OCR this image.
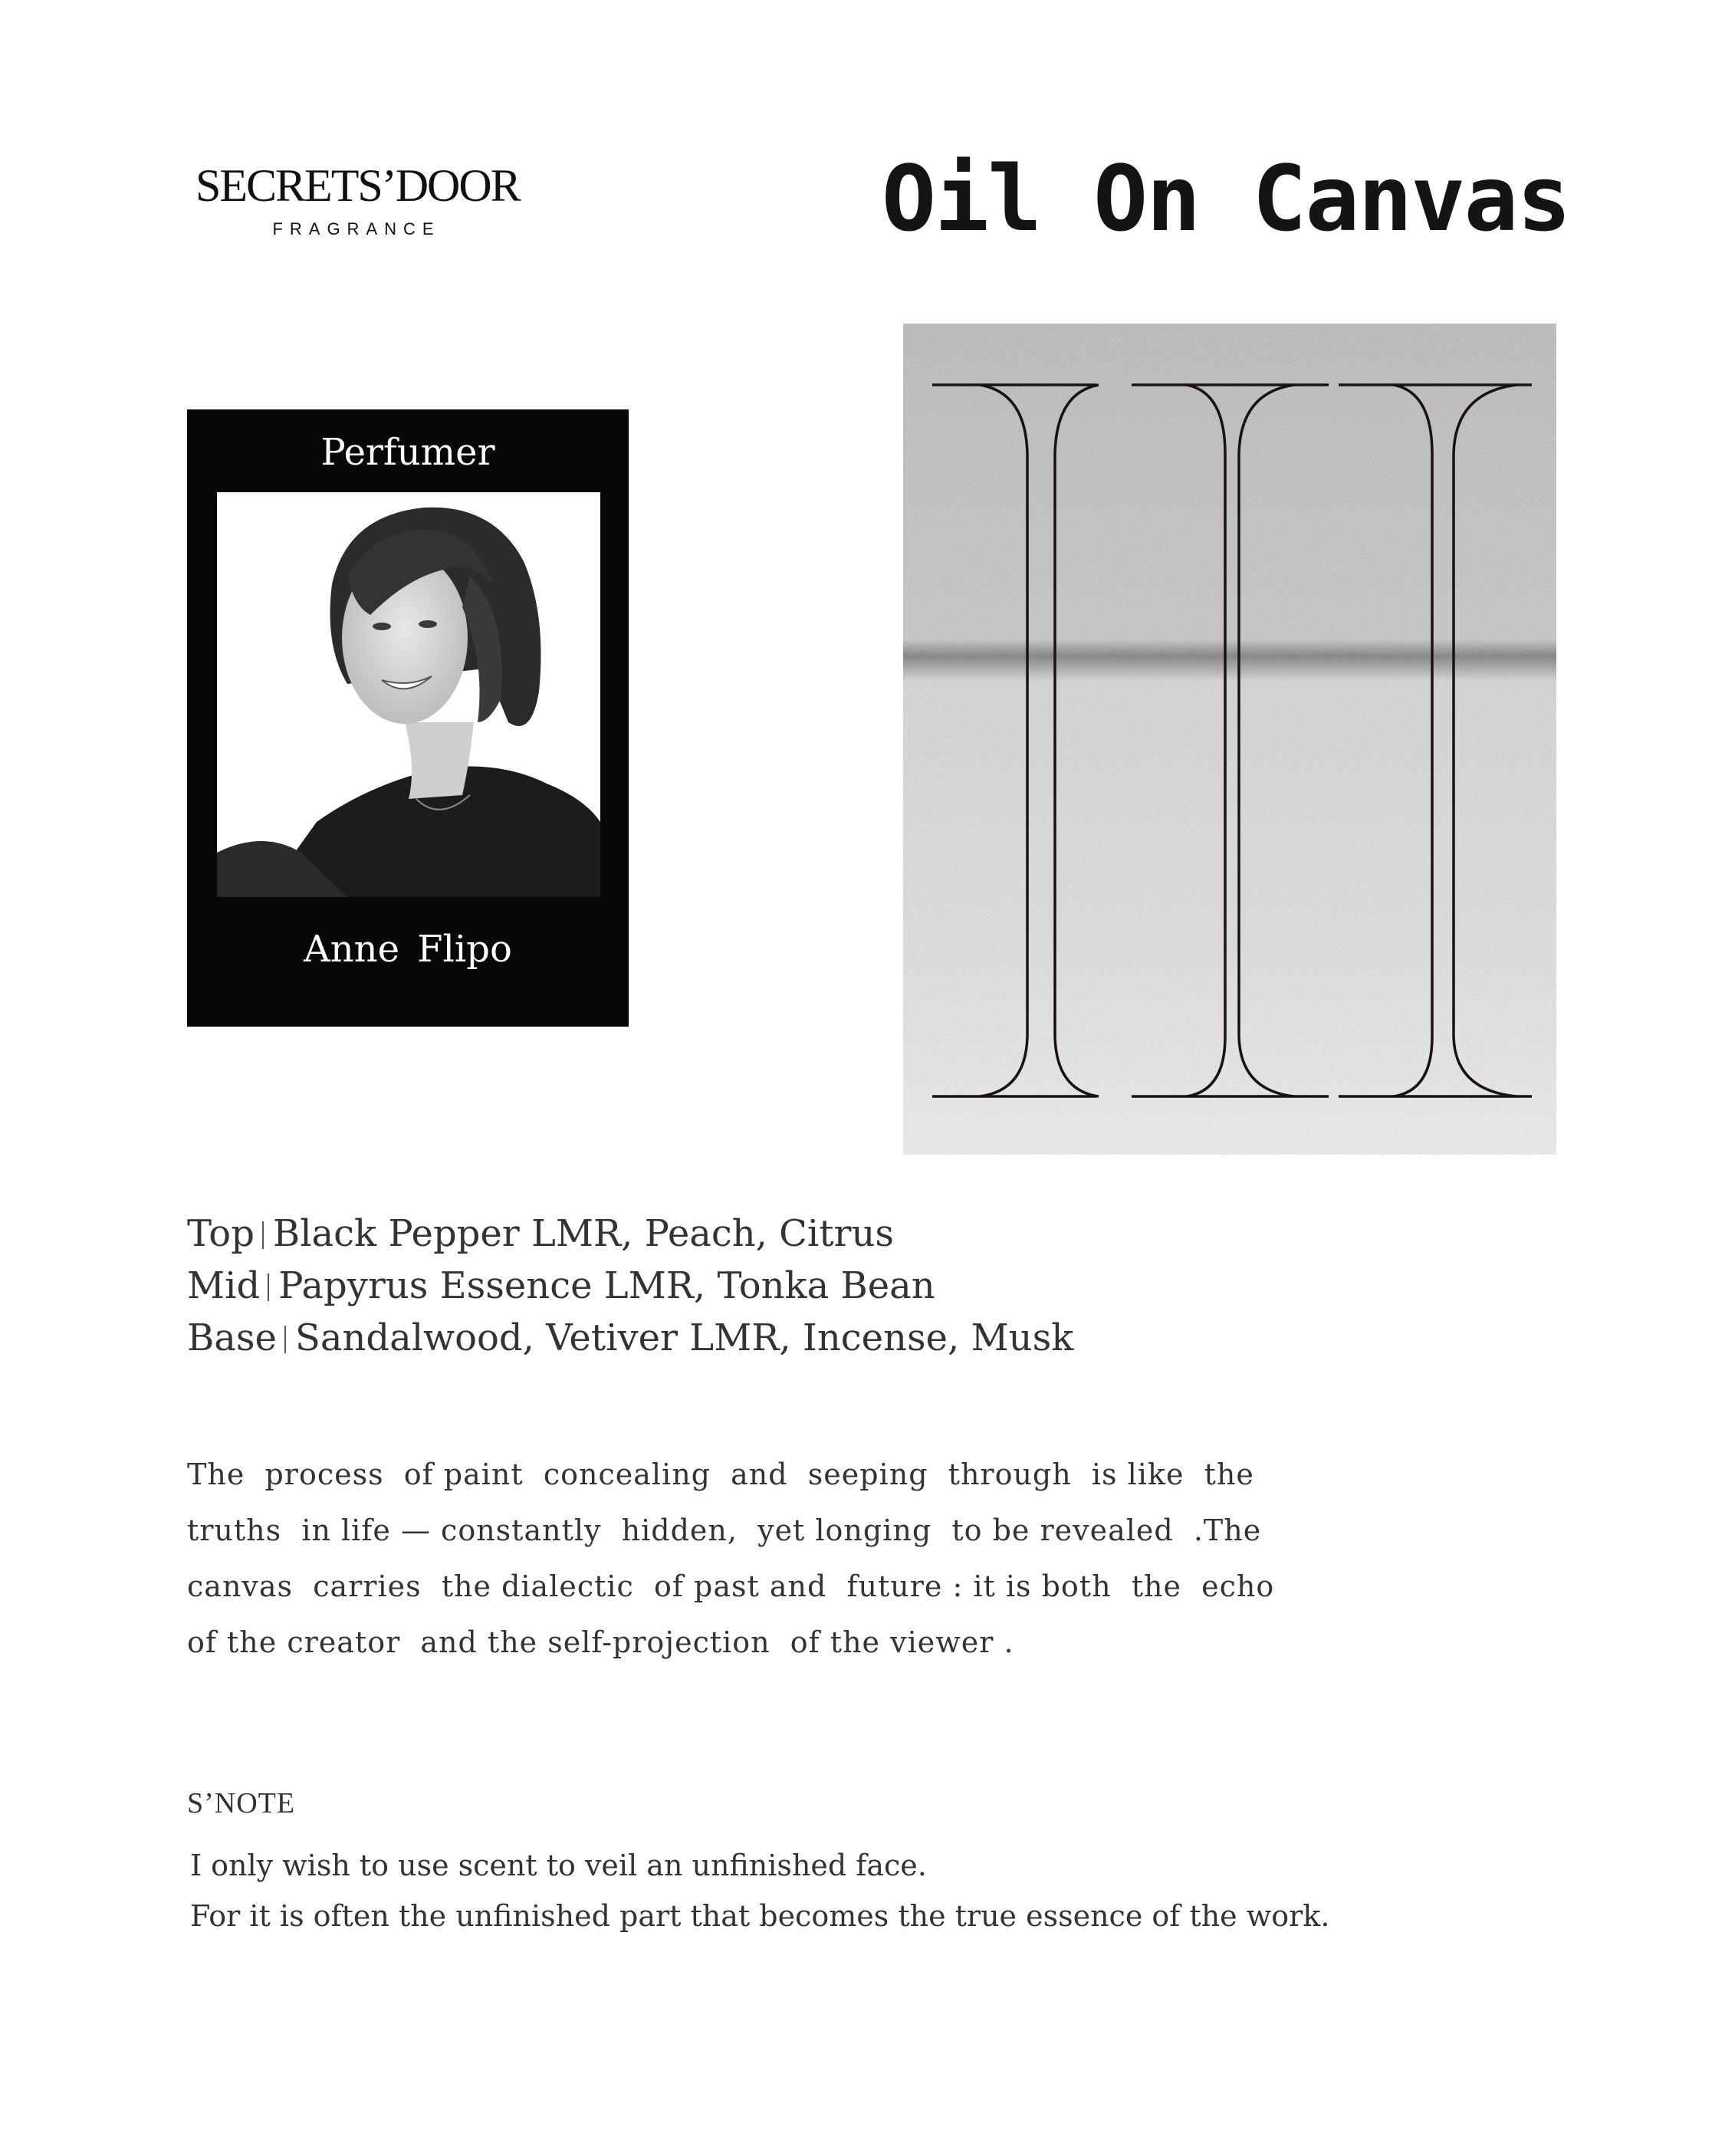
SECRETS’DOOR
FRAGRANCE	Oil On Canvas
Perfumer
Anne Flipo
Top Black Pepper LMR, Peach, Citrus
Mid Papyrus Essence LMR, Tonka Bean
Base Sandalwood, Vetiver LMR, Incense, Musk
The  process  of paint  concealing  and  seeping  through  is like  the
truths  in life — constantly  hidden,  yet longing  to be revealed  .The
canvas  carries  the dialectic  of past and  future : it is both  the  echo
of the creator  and the self-projection  of the viewer .
S’NOTE
I only wish to use scent to veil an unfinished face.
For it is often the unfinished part that becomes the true essence of the work.
